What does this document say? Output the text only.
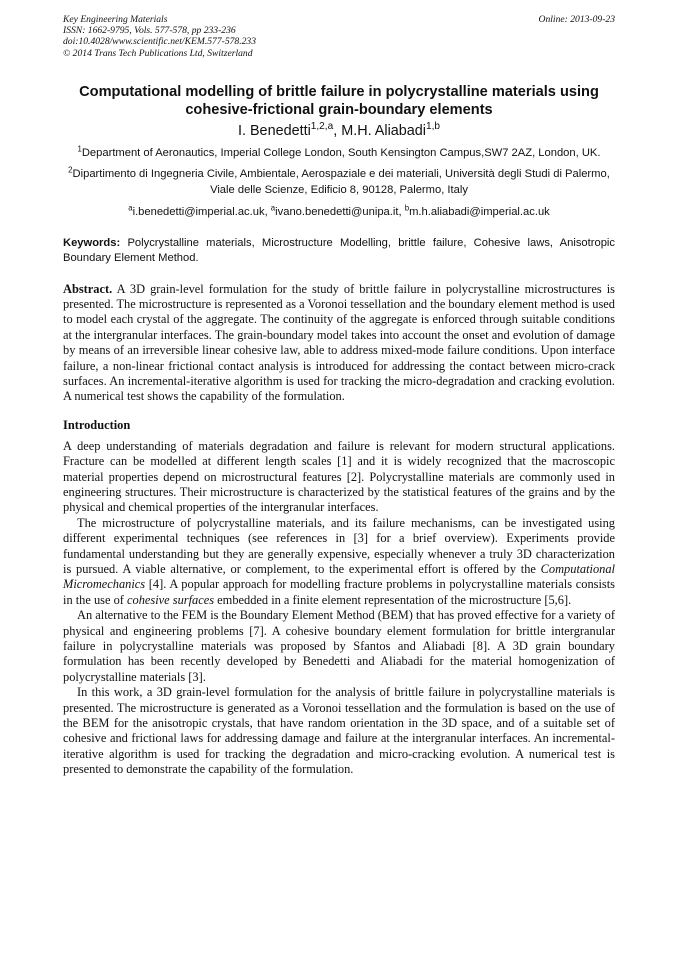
Key Engineering Materials
ISSN: 1662-9795, Vols. 577-578, pp 233-236
doi:10.4028/www.scientific.net/KEM.577-578.233
© 2014 Trans Tech Publications Ltd, Switzerland
Online: 2013-09-23
Computational modelling of brittle failure in polycrystalline materials using cohesive-frictional grain-boundary elements
I. Benedetti$^{1,2,a}$, M.H. Aliabadi$^{1,b}$
$^1$Department of Aeronautics, Imperial College London, South Kensington Campus,SW7 2AZ, London, UK.
$^2$Dipartimento di Ingegneria Civile, Ambientale, Aerospaziale e dei materiali, Università degli Studi di Palermo, Viale delle Scienze, Edificio 8, 90128, Palermo, Italy
$^a$i.benedetti@imperial.ac.uk, $^a$ivano.benedetti@unipa.it, $^b$m.h.aliabadi@imperial.ac.uk
Keywords: Polycrystalline materials, Microstructure Modelling, brittle failure, Cohesive laws, Anisotropic Boundary Element Method.
Abstract. A 3D grain-level formulation for the study of brittle failure in polycrystalline microstructures is presented. The microstructure is represented as a Voronoi tessellation and the boundary element method is used to model each crystal of the aggregate. The continuity of the aggregate is enforced through suitable conditions at the intergranular interfaces. The grain-boundary model takes into account the onset and evolution of damage by means of an irreversible linear cohesive law, able to address mixed-mode failure conditions. Upon interface failure, a non-linear frictional contact analysis is introduced for addressing the contact between micro-crack surfaces. An incremental-iterative algorithm is used for tracking the micro-degradation and cracking evolution. A numerical test shows the capability of the formulation.
Introduction
A deep understanding of materials degradation and failure is relevant for modern structural applications. Fracture can be modelled at different length scales [1] and it is widely recognized that the macroscopic material properties depend on microstructural features [2]. Polycrystalline materials are commonly used in engineering structures. Their microstructure is characterized by the statistical features of the grains and by the physical and chemical properties of the intergranular interfaces.
The microstructure of polycrystalline materials, and its failure mechanisms, can be investigated using different experimental techniques (see references in [3] for a brief overview). Experiments provide fundamental understanding but they are generally expensive, especially whenever a truly 3D characterization is pursued. A viable alternative, or complement, to the experimental effort is offered by the Computational Micromechanics [4]. A popular approach for modelling fracture problems in polycrystalline materials consists in the use of cohesive surfaces embedded in a finite element representation of the microstructure [5,6].
An alternative to the FEM is the Boundary Element Method (BEM) that has proved effective for a variety of physical and engineering problems [7]. A cohesive boundary element formulation for brittle intergranular failure in polycrystalline materials was proposed by Sfantos and Aliabadi [8]. A 3D grain boundary formulation has been recently developed by Benedetti and Aliabadi for the material homogenization of polycrystalline materials [3].
In this work, a 3D grain-level formulation for the analysis of brittle failure in polycrystalline materials is presented. The microstructure is generated as a Voronoi tessellation and the formulation is based on the use of the BEM for the anisotropic crystals, that have random orientation in the 3D space, and of a suitable set of cohesive and frictional laws for addressing damage and failure at the intergranular interfaces. An incremental-iterative algorithm is used for tracking the degradation and micro-cracking evolution. A numerical test is presented to demonstrate the capability of the formulation.
